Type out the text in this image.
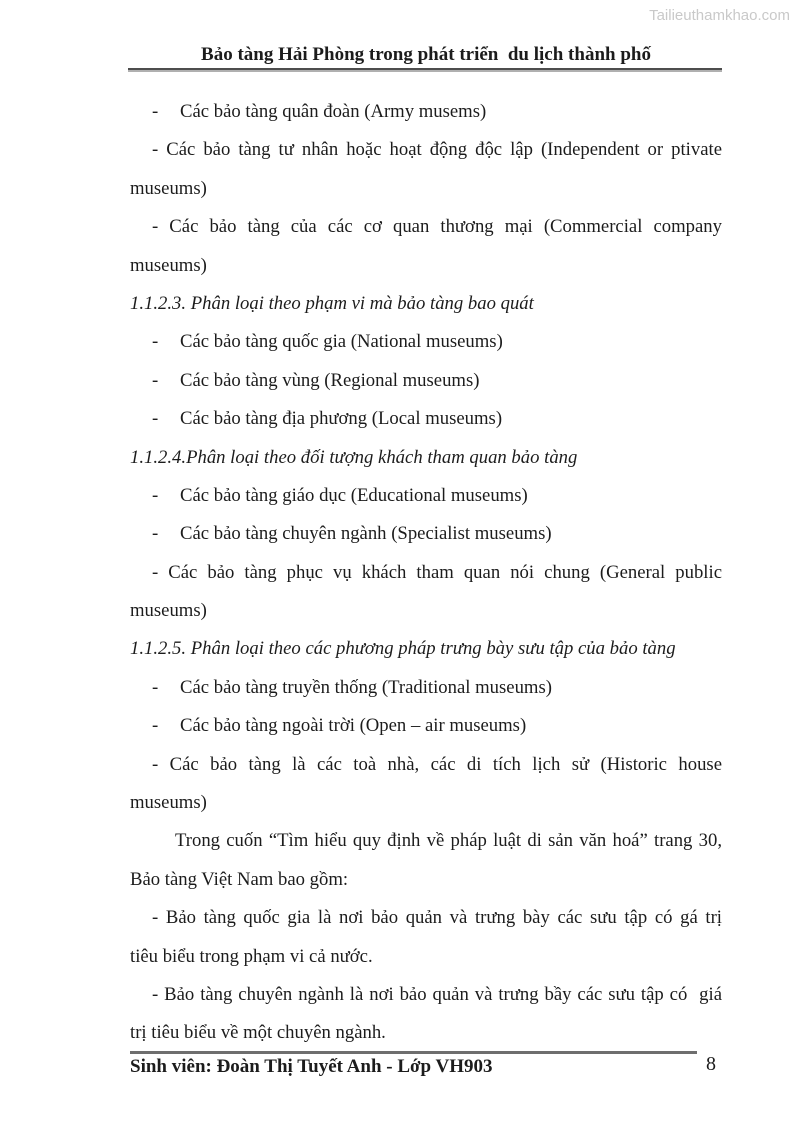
Tailieuthamkhao.com
Bảo tàng Hải Phòng trong phát triển  du lịch thành phố
- Các bảo tàng quân đoàn (Army musems)
- Các bảo tàng tư nhân hoặc hoạt động độc lập (Independent or ptivate
museums)
- Các bảo tàng của các cơ quan thương mại (Commercial company
museums)
1.1.2.3. Phân loại theo phạm vi mà bảo tàng bao quát
- Các bảo tàng quốc gia (National museums)
- Các bảo tàng vùng (Regional museums)
- Các bảo tàng địa phương (Local museums)
1.1.2.4.Phân loại theo đối tượng khách tham quan bảo tàng
- Các bảo tàng giáo dục (Educational museums)
- Các bảo tàng chuyên ngành (Specialist museums)
- Các bảo tàng phục vụ khách tham quan nói chung (General public
museums)
1.1.2.5. Phân loại theo các phương pháp trưng bày sưu tập của bảo tàng
- Các bảo tàng truyền thống (Traditional museums)
- Các bảo tàng ngoài trời (Open – air museums)
- Các bảo tàng là các toà nhà, các di tích lịch sử (Historic house
museums)
Trong cuốn “Tìm hiểu quy định về pháp luật di sản văn hoá” trang 30,
Bảo tàng Việt Nam bao gồm:
- Bảo tàng quốc gia là nơi bảo quản và trưng bày các sưu tập có gá trị
tiêu biểu trong phạm vi cả nước.
- Bảo tàng chuyên ngành là nơi bảo quản và trưng bầy các sưu tập có  giá
trị tiêu biểu về một chuyên ngành.
Sinh viên: Đoàn Thị Tuyết Anh - Lớp VH903	8
